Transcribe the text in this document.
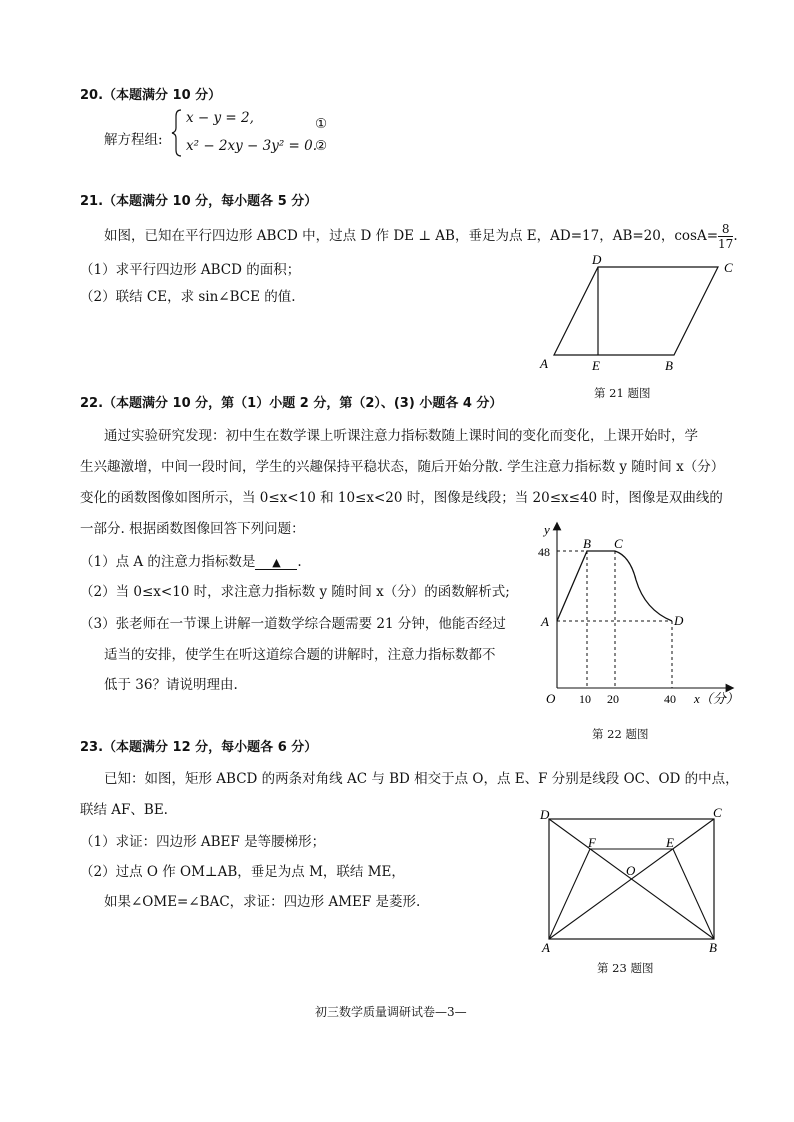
20.（本题满分 10 分）
解方程组:
x − y = 2,
x² − 2xy − 3y² = 0.
①
②
21.（本题满分 10 分，每小题各 5 分）
如图，已知在平行四边形 ABCD 中，过点 D 作 DE ⊥ AB，垂足为点 E，AD=17，AB=20，$\cos A= \frac{8}{17}$ .
（1）求平行四边形 ABCD 的面积；
（2）联结 CE，求 sin∠BCE 的值.
A
D
C
E	B
第 21 题图
22.（本题满分 10 分，第（1）小题 2 分，第（2）、(3) 小题各 4 分）
通过实验研究发现：初中生在数学课上听课注意力指标数随上课时间的变化而变化，上课开始时，学
生兴趣激增，中间一段时间，学生的兴趣保持平稳状态，随后开始分散. 学生注意力指标数 y 随时间 x（分）
变化的函数图像如图所示，当 0≤x<10 和 10≤x<20 时，图像是线段；当 20≤x≤40 时，图像是双曲线的
一部分. 根据函数图像回答下列问题：
（1）点 A 的注意力指标数是 ▲ .
（2）当 0≤x<10 时，求注意力指标数 y 随时间 x（分）的函数解析式;
（3）张老师在一节课上讲解一道数学综合题需要 21 分钟，他能否经过
适当的安排，使学生在听这道综合题的讲解时，注意力指标数都不
低于 36？请说明理由.
y
48
B C
A	D
O 10 20	40 x（分）
第 22 题图
23.（本题满分 12 分，每小题各 6 分）
已知：如图，矩形 ABCD 的两条对角线 AC 与 BD 相交于点 O，点 E、F 分别是线段 OC、OD 的中点，
联结 AF、BE.
（1）求证：四边形 ABEF 是等腰梯形；
（2）过点 O 作 OM⊥AB，垂足为点 M，联结 ME，
如果∠OME=∠BAC，求证：四边形 AMEF 是菱形.
D	C
F	E
O
A	B
第 23 题图
初三数学质量调研试卷—3—
